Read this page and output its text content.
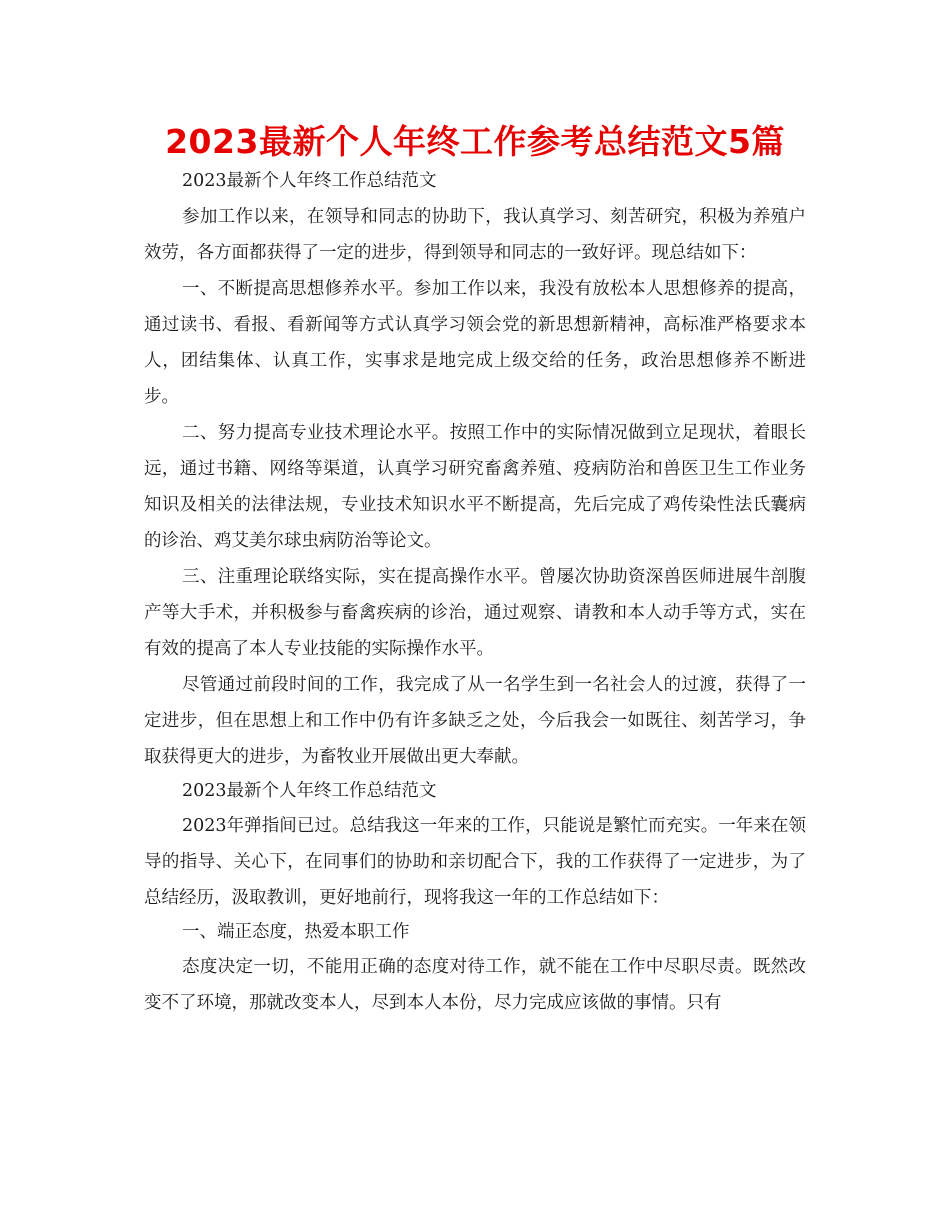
2023最新个人年终工作参考总结范文5篇

2023最新个人年终工作总结范文

参加工作以来，在领导和同志的协助下，我认真学习、刻苦研究，积极为养殖户效劳，各方面都获得了一定的进步，得到领导和同志的一致好评。现总结如下：

一、不断提高思想修养水平。参加工作以来，我没有放松本人思想修养的提高，通过读书、看报、看新闻等方式认真学习领会党的新思想新精神，高标准严格要求本人，团结集体、认真工作，实事求是地完成上级交给的任务，政治思想修养不断进步。

二、努力提高专业技术理论水平。按照工作中的实际情况做到立足现状，着眼长远，通过书籍、网络等渠道，认真学习研究畜禽养殖、疫病防治和兽医卫生工作业务知识及相关的法律法规，专业技术知识水平不断提高，先后完成了鸡传染性法氏囊病的诊治、鸡艾美尔球虫病防治等论文。

三、注重理论联络实际，实在提高操作水平。曾屡次协助资深兽医师进展牛剖腹产等大手术，并积极参与畜禽疾病的诊治，通过观察、请教和本人动手等方式，实在有效的提高了本人专业技能的实际操作水平。

尽管通过前段时间的工作，我完成了从一名学生到一名社会人的过渡，获得了一定进步，但在思想上和工作中仍有许多缺乏之处，今后我会一如既往、刻苦学习，争取获得更大的进步，为畜牧业开展做出更大奉献。

2023最新个人年终工作总结范文

2023年弹指间已过。总结我这一年来的工作，只能说是繁忙而充实。一年来在领导的指导、关心下，在同事们的协助和亲切配合下，我的工作获得了一定进步，为了总结经历，汲取教训，更好地前行，现将我这一年的工作总结如下：

一、端正态度，热爱本职工作

态度决定一切，不能用正确的态度对待工作，就不能在工作中尽职尽责。既然改变不了环境，那就改变本人，尽到本人本份，尽力完成应该做的事情。只有
